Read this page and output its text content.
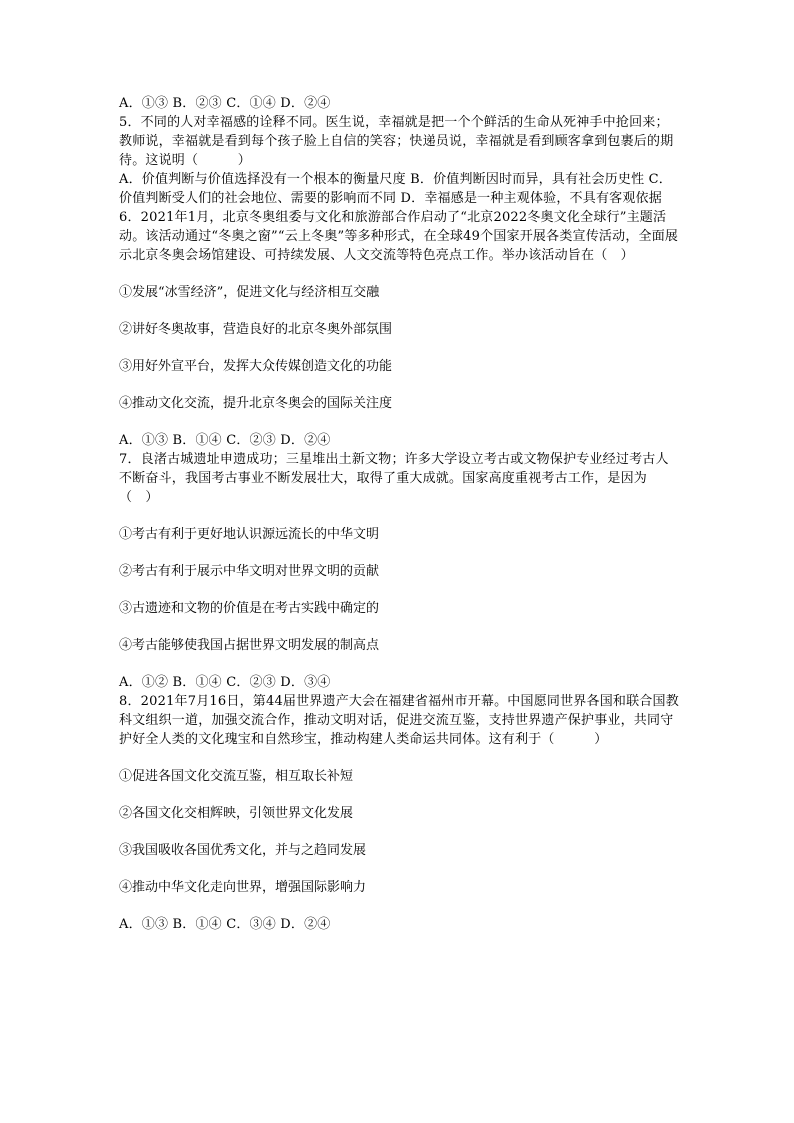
A．①③ B．②③ C．①④ D．②④

5．不同的人对幸福感的诠释不同。医生说，幸福就是把一个个鲜活的生命从死神手中抢回来；教师说，幸福就是看到每个孩子脸上自信的笑容；快递员说，幸福就是看到顾客拿到包裹后的期待。这说明（　　　）

A．价值判断与价值选择没有一个根本的衡量尺度 B．价值判断因时而异，具有社会历史性 C．价值判断受人们的社会地位、需要的影响而不同 D．幸福感是一种主观体验，不具有客观依据

6．2021年1月，北京冬奥组委与文化和旅游部合作启动了“北京2022冬奥文化全球行”主题活动。该活动通过“冬奥之窗”“云上冬奥”等多种形式，在全球49个国家开展各类宣传活动，全面展示北京冬奥会场馆建设、可持续发展、人文交流等特色亮点工作。举办该活动旨在（　）

①发展“冰雪经济”，促进文化与经济相互交融

②讲好冬奥故事，营造良好的北京冬奥外部氛围

③用好外宣平台，发挥大众传媒创造文化的功能

④推动文化交流，提升北京冬奥会的国际关注度

A．①③ B．①④ C．②③ D．②④

7．良渚古城遗址申遗成功；三星堆出土新文物；许多大学设立考古或文物保护专业经过考古人不断奋斗，我国考古事业不断发展壮大，取得了重大成就。国家高度重视考古工作，是因为（　）

①考古有利于更好地认识源远流长的中华文明

②考古有利于展示中华文明对世界文明的贡献

③古遗迹和文物的价值是在考古实践中确定的

④考古能够使我国占据世界文明发展的制高点

A．①② B．①④ C．②③ D．③④

8．2021年7月16日，第44届世界遗产大会在福建省福州市开幕。中国愿同世界各国和联合国教科文组织一道，加强交流合作，推动文明对话，促进交流互鉴，支持世界遗产保护事业，共同守护好全人类的文化瑰宝和自然珍宝，推动构建人类命运共同体。这有利于（　　　）

①促进各国文化交流互鉴，相互取长补短

②各国文化交相辉映，引领世界文化发展

③我国吸收各国优秀文化，并与之趋同发展

④推动中华文化走向世界，增强国际影响力

A．①③ B．①④ C．③④ D．②④
